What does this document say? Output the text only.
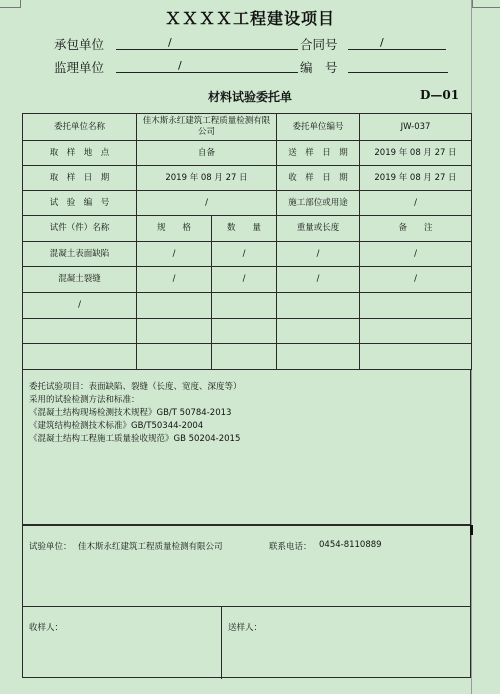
ＸＸＸＸ工程建设项目
承包单位	/	合同号	/
监理单位	/	编　号
材料试验委托单	D—01
委托单位名称	佳木斯永红建筑工程质量检测有限公司		委托单位编号	JW-037
取　样　地　点	自备		送　样　日　期	2019 年 08 月 27 日
取　样　日　期	2019 年 08 月 27 日		收　样　日　期	2019 年 08 月 27 日
试　验　编　号	/		施工部位或用途	/
试件（件）名称	规　　格	数　　量	重量或长度	备　　注
混凝土表面缺陷	/	/	/	/
混凝土裂缝	/	/	/	/
/				

委托试验项目：表面缺陷、裂缝（长度、宽度、深度等）
采用的试验检测方法和标准：
《混凝土结构现场检测技术规程》GB/T 50784-2013
《建筑结构检测技术标准》GB/T50344-2004
《混凝土结构工程施工质量验收规范》GB 50204-2015
试验单位： 佳木斯永红建筑工程质量检测有限公司	联系电话： 0454-8110889
收样人：	送样人：
